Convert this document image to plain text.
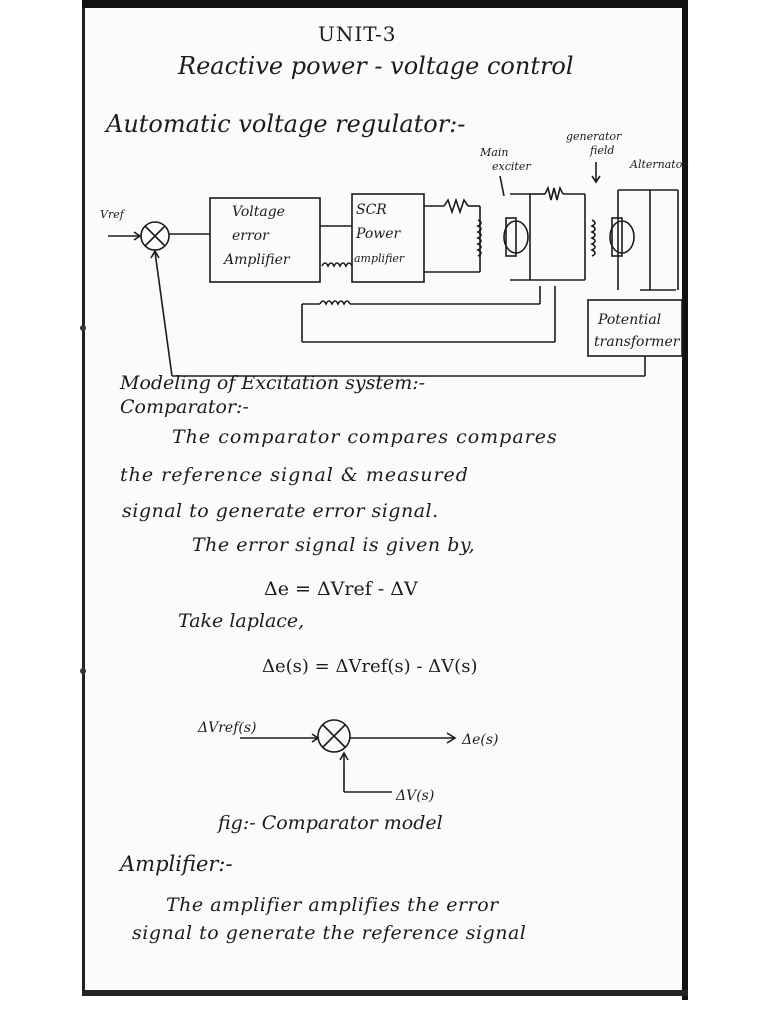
UNIT-3

Reactive power - voltage control

Automatic voltage regulator:-

Vref	Voltage
error
Amplifier
SCR
Power
amplifier
Main
exciter
generator
field
Alternator
Potential
transformer

Modeling of Excitation system:-

Comparator:-

The comparator compares compares

the reference signal & measured

signal to generate error signal.

The error signal is given by,

Δe = ΔVref - ΔV

Take laplace,

Δe(s) = ΔVref(s) - ΔV(s)

ΔVref(s)
Δe(s)
ΔV(s)

fig:- Comparator model

Amplifier:-

The amplifier amplifies the error

signal to generate the reference signal
